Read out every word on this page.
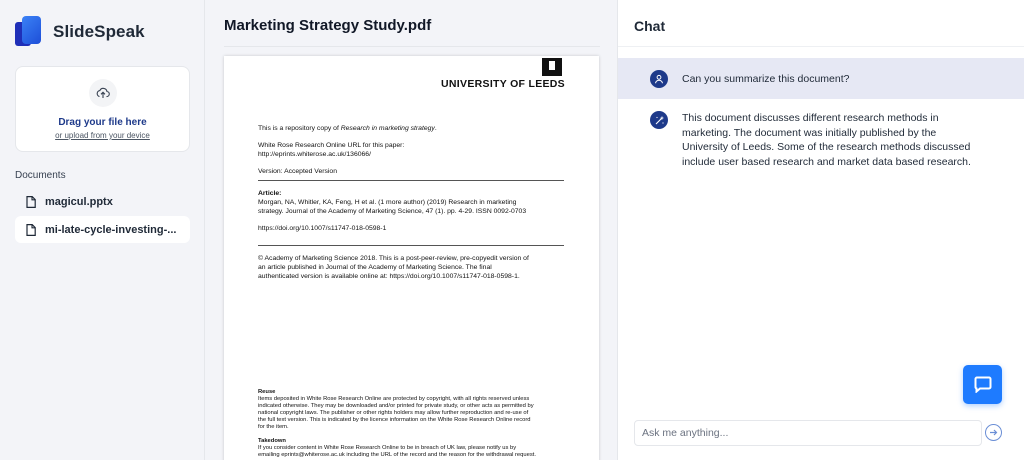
SlideSpeak
Drag your file here
or upload from your device
Documents
magicul.pptx
mi-late-cycle-investing-...
Marketing Strategy Study.pdf
UNIVERSITY OF LEEDS
This is a repository copy of Research in marketing strategy.
White Rose Research Online URL for this paper:
http://eprints.whiterose.ac.uk/136066/
Version: Accepted Version
Article:
Morgan, NA, Whitler, KA, Feng, H et al. (1 more author) (2019) Research in marketing
strategy. Journal of the Academy of Marketing Science, 47 (1). pp. 4-29. ISSN 0092-0703
https://doi.org/10.1007/s11747-018-0598-1
© Academy of Marketing Science 2018. This is a post-peer-review, pre-copyedit version of
an article published in Journal of the Academy of Marketing Science. The final
authenticated version is available online at: https://doi.org/10.1007/s11747-018-0598-1.
Reuse
Items deposited in White Rose Research Online are protected by copyright, with all rights reserved unless
indicated otherwise. They may be downloaded and/or printed for private study, or other acts as permitted by
national copyright laws. The publisher or other rights holders may allow further reproduction and re-use of
the full text version. This is indicated by the licence information on the White Rose Research Online record
for the item.
Takedown
If you consider content in White Rose Research Online to be in breach of UK law, please notify us by
emailing eprints@whiterose.ac.uk including the URL of the record and the reason for the withdrawal request.
Chat
Can you summarize this document?
This document discusses different research methods in marketing. The document was initially published by the University of Leeds. Some of the research methods discussed include user based research and market data based research.
Ask me anything...
